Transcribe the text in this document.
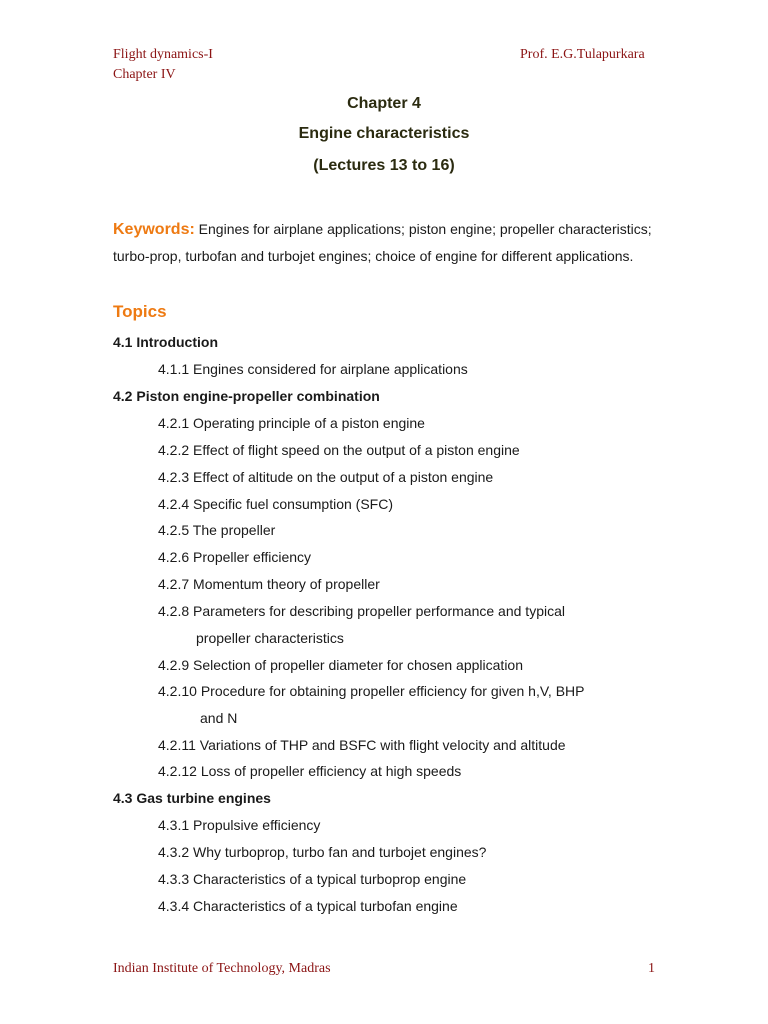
Flight dynamics-I
Chapter IV
Prof. E.G.Tulapurkara
Chapter 4
Engine characteristics
(Lectures 13 to 16)
Keywords: Engines for airplane applications; piston engine; propeller characteristics; turbo-prop, turbofan and turbojet engines; choice of engine for different applications.
Topics
4.1 Introduction
4.1.1 Engines considered for airplane applications
4.2 Piston engine-propeller combination
4.2.1 Operating principle of a piston engine
4.2.2 Effect of flight speed on the output of a piston engine
4.2.3 Effect of altitude on the output of a piston engine
4.2.4 Specific fuel consumption (SFC)
4.2.5 The propeller
4.2.6 Propeller efficiency
4.2.7 Momentum theory of propeller
4.2.8 Parameters for describing propeller performance and typical
propeller characteristics
4.2.9 Selection of propeller diameter for chosen application
4.2.10 Procedure for obtaining propeller efficiency for given h,V, BHP
and N
4.2.11 Variations of THP and BSFC with flight velocity and altitude
4.2.12 Loss of propeller efficiency at high speeds
4.3 Gas turbine engines
4.3.1 Propulsive efficiency
4.3.2 Why turboprop, turbo fan and turbojet engines?
4.3.3 Characteristics of a typical turboprop engine
4.3.4 Characteristics of a typical turbofan engine
Indian Institute of Technology, Madras	1
